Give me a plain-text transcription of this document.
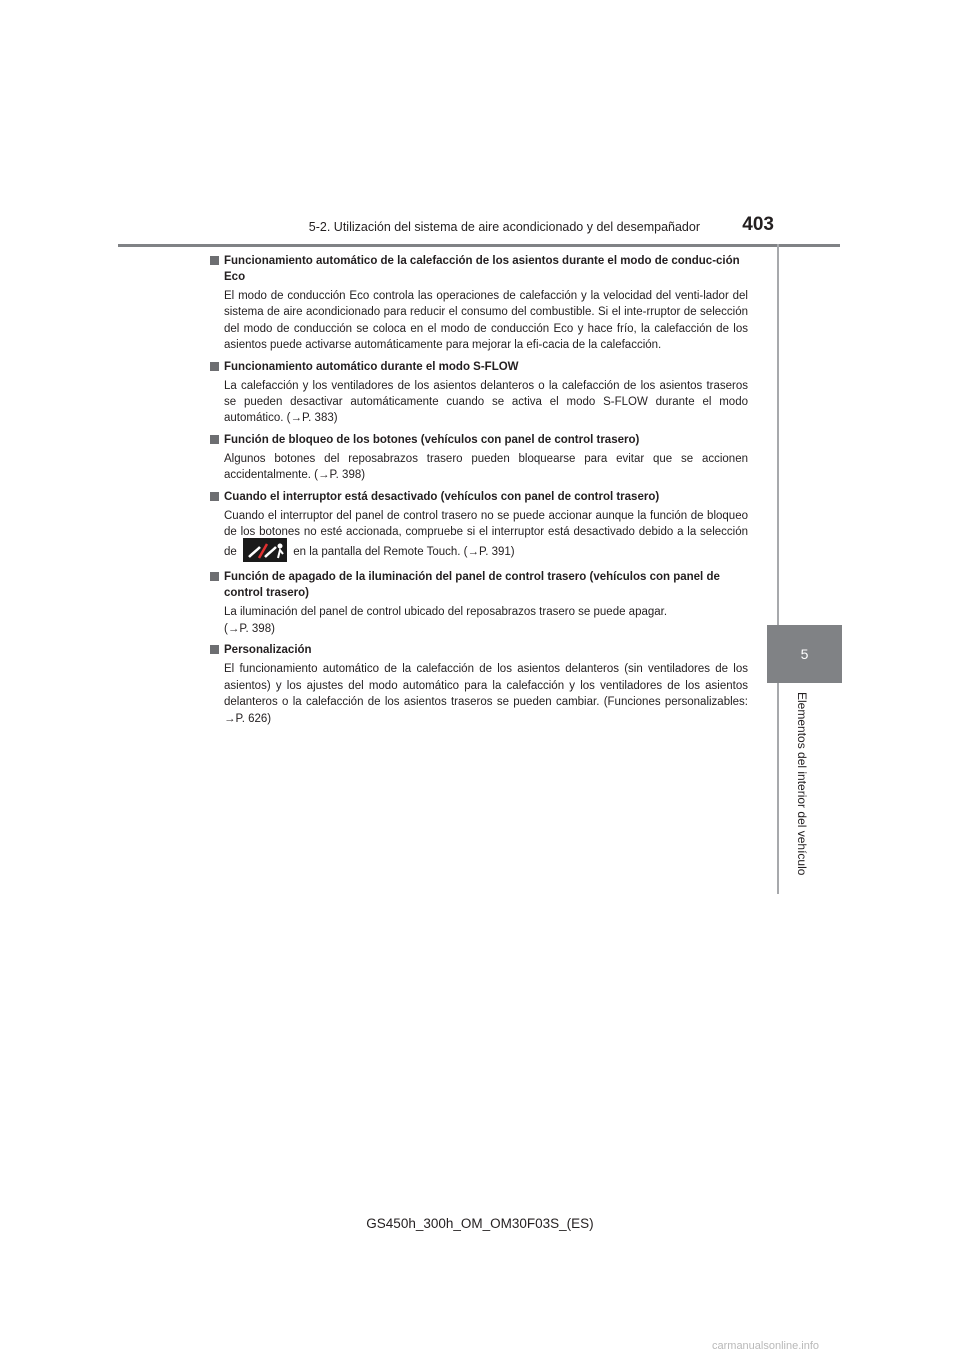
5-2. Utilización del sistema de aire acondicionado y del desempañador	403
5
Elementos del interior del vehículo
Funcionamiento automático de la calefacción de los asientos durante el modo de conduc-ción Eco
El modo de conducción Eco controla las operaciones de calefacción y la velocidad del venti-lador del sistema de aire acondicionado para reducir el consumo del combustible. Si el inte-rruptor de selección del modo de conducción se coloca en el modo de conducción Eco y hace frío, la calefacción de los asientos puede activarse automáticamente para mejorar la efi-cacia de la calefacción.
Funcionamiento automático durante el modo S-FLOW
La calefacción y los ventiladores de los asientos delanteros o la calefacción de los asientos traseros se pueden desactivar automáticamente cuando se activa el modo S-FLOW durante el modo automático. (→P. 383)
Función de bloqueo de los botones (vehículos con panel de control trasero)
Algunos botones del reposabrazos trasero pueden bloquearse para evitar que se accionen accidentalmente. (→P. 398)
Cuando el interruptor está desactivado (vehículos con panel de control trasero)
Cuando el interruptor del panel de control trasero no se puede accionar aunque la función de bloqueo de los botones no esté accionada, compruebe si el interruptor está desactivado debido a la selección de	en la pantalla del Remote Touch. (→P. 391)
Función de apagado de la iluminación del panel de control trasero (vehículos con panel de control trasero)
La iluminación del panel de control ubicado del reposabrazos trasero se puede apagar.
(→P. 398)
Personalización
El funcionamiento automático de la calefacción de los asientos delanteros (sin ventiladores de los asientos) y los ajustes del modo automático para la calefacción y los ventiladores de los asientos delanteros o la calefacción de los asientos traseros se pueden cambiar. (Funciones personalizables: →P. 626)
GS450h_300h_OM_OM30F03S_(ES)
carmanualsonline.info
